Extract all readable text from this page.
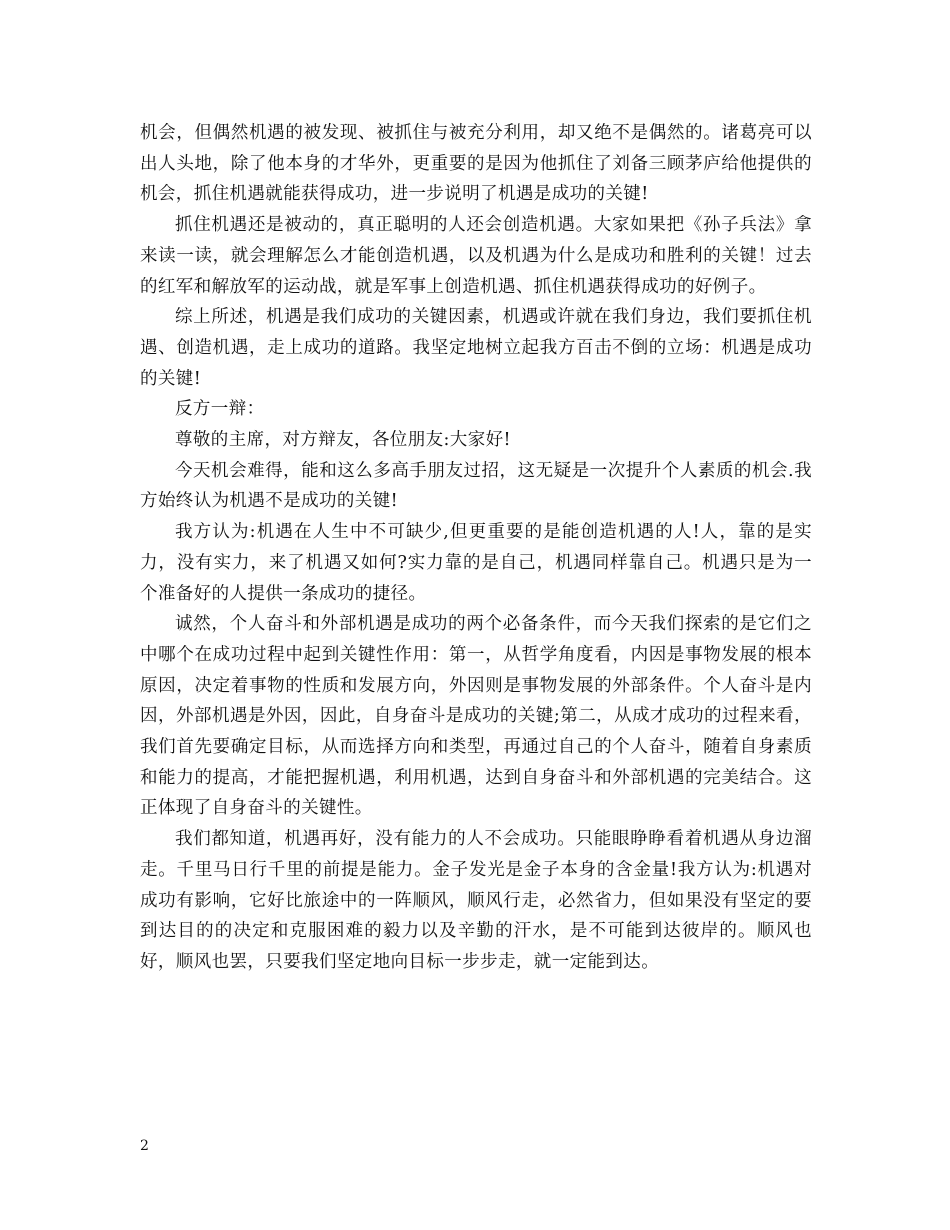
机会，但偶然机遇的被发现、被抓住与被充分利用，却又绝不是偶然的。诸葛亮可以出人头地，除了他本身的才华外，更重要的是因为他抓住了刘备三顾茅庐给他提供的机会，抓住机遇就能获得成功，进一步说明了机遇是成功的关键!

抓住机遇还是被动的，真正聪明的人还会创造机遇。大家如果把《孙子兵法》拿来读一读，就会理解怎么才能创造机遇，以及机遇为什么是成功和胜利的关键！过去的红军和解放军的运动战，就是军事上创造机遇、抓住机遇获得成功的好例子。

综上所述，机遇是我们成功的关键因素，机遇或许就在我们身边，我们要抓住机遇、创造机遇，走上成功的道路。我坚定地树立起我方百击不倒的立场：机遇是成功的关键!

反方一辩：

尊敬的主席，对方辩友，各位朋友:大家好!

今天机会难得，能和这么多高手朋友过招，这无疑是一次提升个人素质的机会.我方始终认为机遇不是成功的关键!

我方认为:机遇在人生中不可缺少,但更重要的是能创造机遇的人!人，靠的是实力，没有实力，来了机遇又如何?实力靠的是自己，机遇同样靠自己。机遇只是为一个准备好的人提供一条成功的捷径。

诚然，个人奋斗和外部机遇是成功的两个必备条件，而今天我们探索的是它们之中哪个在成功过程中起到关键性作用：第一，从哲学角度看，内因是事物发展的根本原因，决定着事物的性质和发展方向，外因则是事物发展的外部条件。个人奋斗是内因，外部机遇是外因，因此，自身奋斗是成功的关键;第二，从成才成功的过程来看，我们首先要确定目标，从而选择方向和类型，再通过自己的个人奋斗，随着自身素质和能力的提高，才能把握机遇，利用机遇，达到自身奋斗和外部机遇的完美结合。这正体现了自身奋斗的关键性。

我们都知道，机遇再好，没有能力的人不会成功。只能眼睁睁看着机遇从身边溜走。千里马日行千里的前提是能力。金子发光是金子本身的含金量!我方认为:机遇对成功有影响，它好比旅途中的一阵顺风，顺风行走，必然省力，但如果没有坚定的要到达目的的决定和克服困难的毅力以及辛勤的汗水，是不可能到达彼岸的。顺风也好，顺风也罢，只要我们坚定地向目标一步步走，就一定能到达。

2
